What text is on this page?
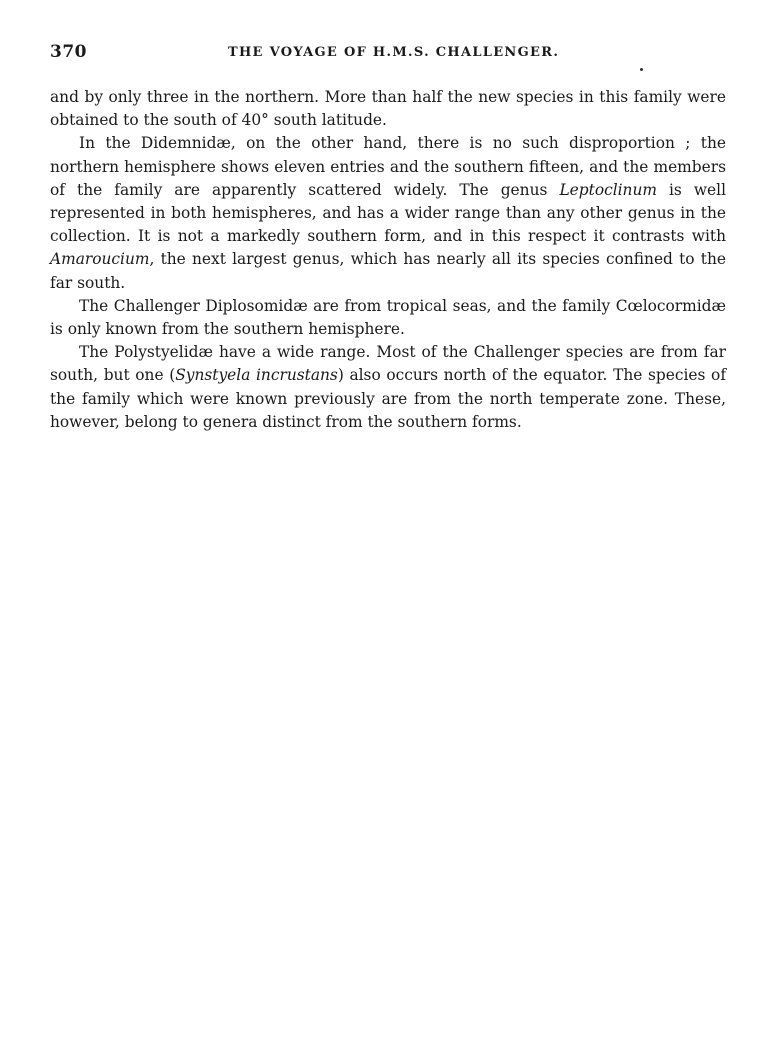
370	THE VOYAGE OF H.M.S. CHALLENGER.

and by only three in the northern. More than half the new species in this family were obtained to the south of 40° south latitude.

In the Didemnidæ, on the other hand, there is no such disproportion ; the northern hemisphere shows eleven entries and the southern fifteen, and the members of the family are apparently scattered widely. The genus Leptoclinum is well represented in both hemispheres, and has a wider range than any other genus in the collection. It is not a markedly southern form, and in this respect it contrasts with Amaroucium, the next largest genus, which has nearly all its species confined to the far south.

The Challenger Diplosomidæ are from tropical seas, and the family Cœlocormidæ is only known from the southern hemisphere.

The Polystyelidæ have a wide range. Most of the Challenger species are from far south, but one (Synstyela incrustans) also occurs north of the equator. The species of the family which were known previously are from the north temperate zone. These, however, belong to genera distinct from the southern forms.
